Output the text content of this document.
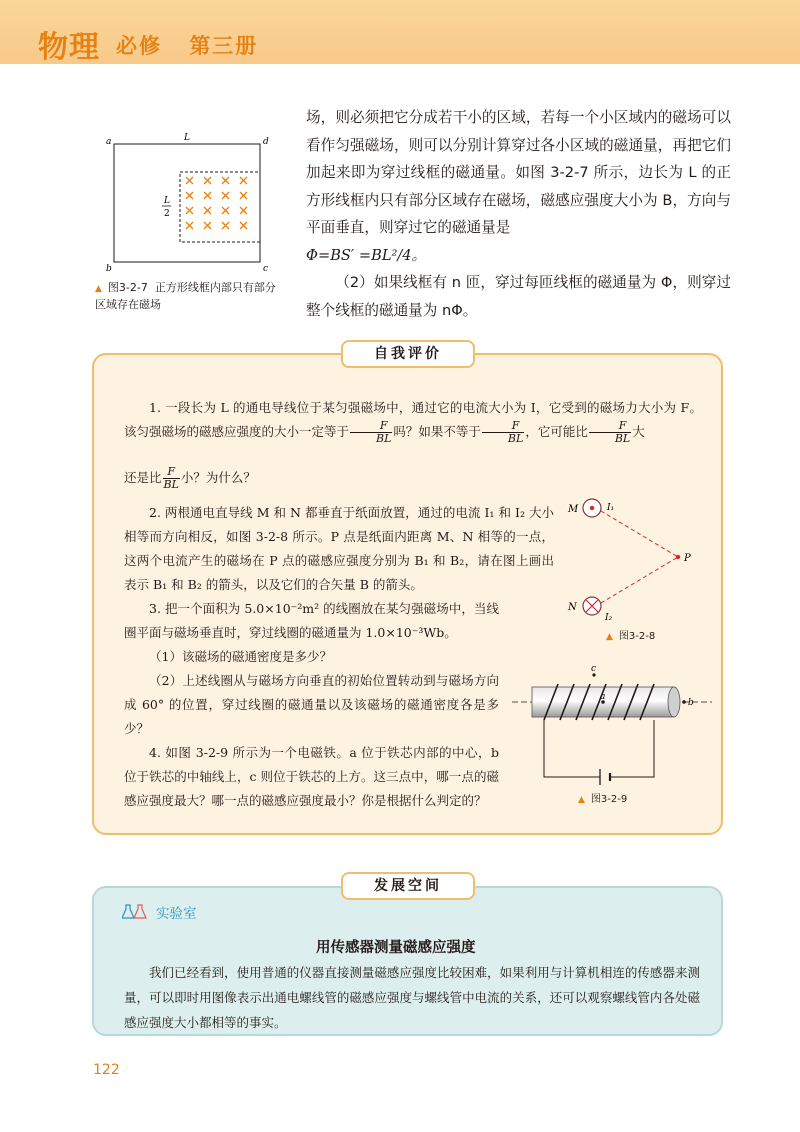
物理 必修 第三册
a	d
b	c
L
L
2
▲ 图3-2-7 正方形线框内部只有部分区域存在磁场

场，则必须把它分成若干小的区域，若每一个小区域内的磁场可以看作匀强磁场，则可以分别计算穿过各小区域的磁通量，再把它们加起来即为穿过线框的磁通量。如图 3-2-7 所示，边长为 L 的正方形线框内只有部分区域存在磁场，磁感应强度大小为 B，方向与平面垂直，则穿过它的磁通量是

Φ=BS′ =BL²/4。

（2）如果线框有 n 匝，穿过每匝线框的磁通量为 Φ，则穿过整个线框的磁通量为 nΦ。

自我评价
1. 一段长为 L 的通电导线位于某匀强磁场中，通过它的电流大小为 I，它受到的磁场力大小为 F。该匀强磁场的磁感应强度的大小一定等于 $\frac{F}{BL}$ 吗？如果不等于 $\frac{F}{BL}$ ，它可能比 $\frac{F}{BL}$ 大
还是比 $\frac{F}{BL}$ 小？为什么？
2. 两根通电直导线 M 和 N 都垂直于纸面放置，通过的电流 I₁ 和 I₂ 大小相等而方向相反，如图 3-2-8 所示。P 点是纸面内距离 M、N 相等的一点，这两个电流产生的磁场在 P 点的磁感应强度分别为 B₁ 和 B₂，请在图上画出表示 B₁ 和 B₂ 的箭头，以及它们的合矢量 B 的箭头。
3. 把一个面积为 5.0×10⁻²m² 的线圈放在某匀强磁场中，当线圈平面与磁场垂直时，穿过线圈的磁通量为 1.0×10⁻³Wb。
（1）该磁场的磁通密度是多少？
（2）上述线圈从与磁场方向垂直的初始位置转动到与磁场方向成 60° 的位置，穿过线圈的磁通量以及该磁场的磁通密度各是多少？
4. 如图 3-2-9 所示为一个电磁铁。a 位于铁芯内部的中心，b 位于铁芯的中轴线上，c 则位于铁芯的上方。这三点中，哪一点的磁感应强度最大？哪一点的磁感应强度最小？你是根据什么判定的？
M
N
I₁
I₂
P
▲ 图3-2-8
a
b
c
▲ 图3-2-9
发展空间
实验室
用传感器测量磁感应强度
我们已经看到，使用普通的仪器直接测量磁感应强度比较困难，如果利用与计算机相连的传感器来测量，可以即时用图像表示出通电螺线管的磁感应强度与螺线管中电流的关系，还可以观察螺线管内各处磁感应强度大小都相等的事实。
122
